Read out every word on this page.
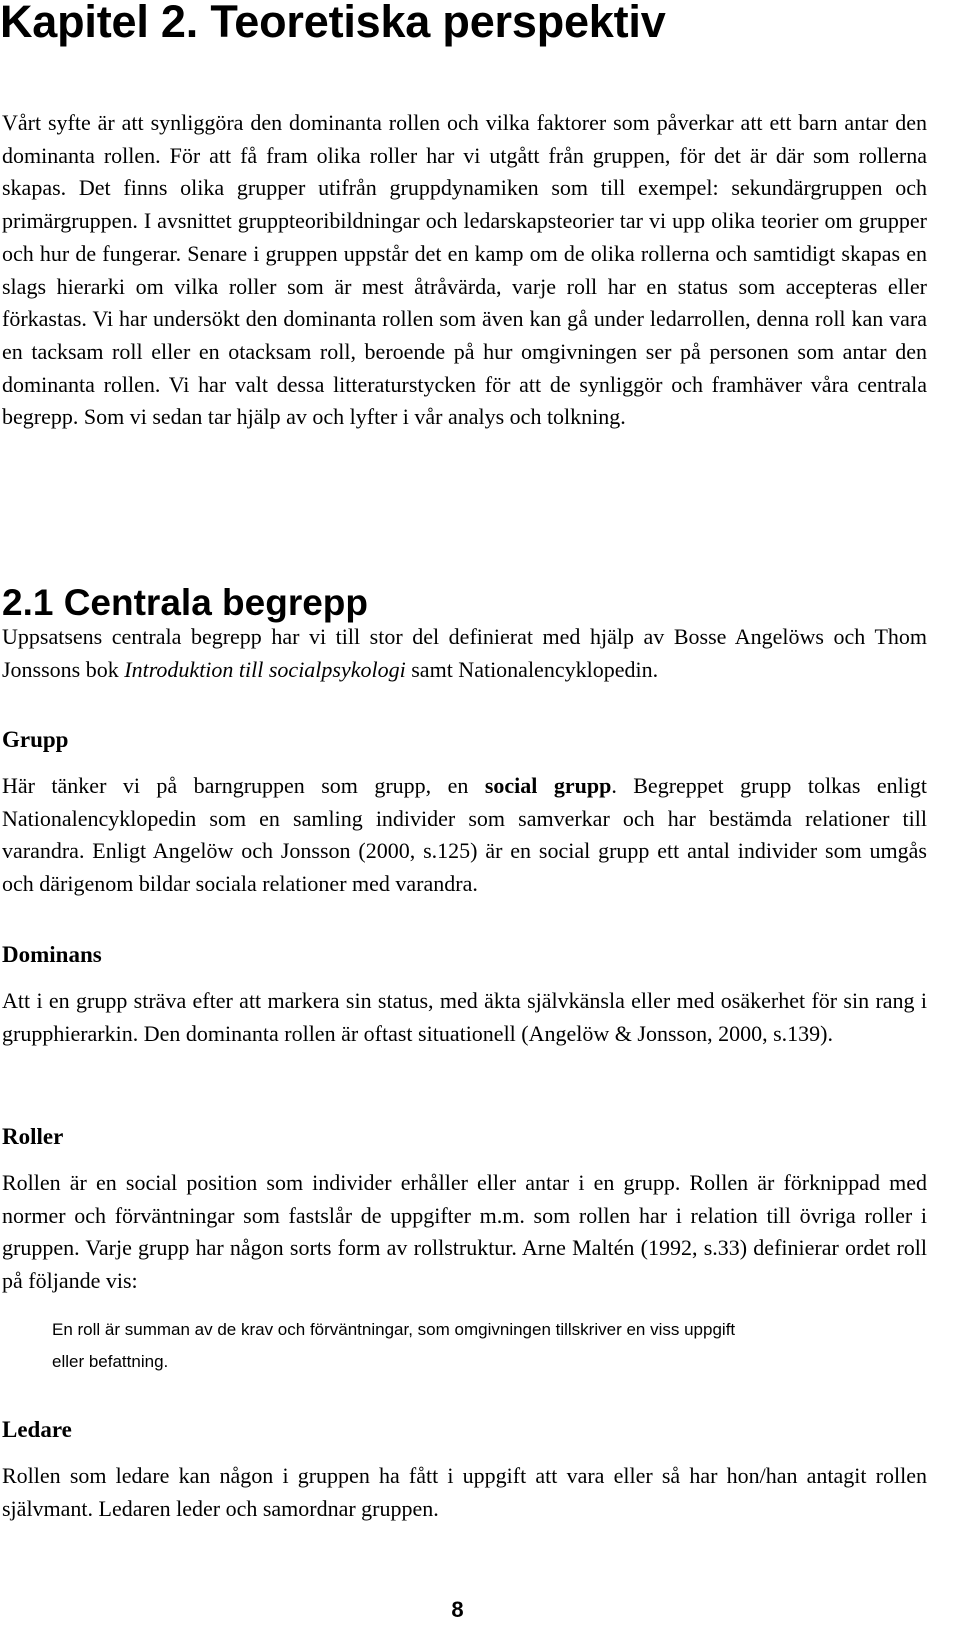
Kapitel 2. Teoretiska perspektiv

Vårt syfte är att synliggöra den dominanta rollen och vilka faktorer som påverkar att ett barn antar den dominanta rollen. För att få fram olika roller har vi utgått från gruppen, för det är där som rollerna skapas. Det finns olika grupper utifrån gruppdynamiken som till exempel: sekundärgruppen och primärgruppen. I avsnittet gruppteoribildningar och ledarskapsteorier tar vi upp olika teorier om grupper och hur de fungerar. Senare i gruppen uppstår det en kamp om de olika rollerna och samtidigt skapas en slags hierarki om vilka roller som är mest åtråvärda, varje roll har en status som accepteras eller förkastas. Vi har undersökt den dominanta rollen som även kan gå under ledarrollen, denna roll kan vara en tacksam roll eller en otacksam roll, beroende på hur omgivningen ser på personen som antar den dominanta rollen. Vi har valt dessa litteraturstycken för att de synliggör och framhäver våra centrala begrepp. Som vi sedan tar hjälp av och lyfter i vår analys och tolkning.

2.1 Centrala begrepp

Uppsatsens centrala begrepp har vi till stor del definierat med hjälp av Bosse Angelöws och Thom Jonssons bok Introduktion till socialpsykologi samt Nationalencyklopedin.

Grupp

Här tänker vi på barngruppen som grupp, en social grupp. Begreppet grupp tolkas enligt Nationalencyklopedin som en samling individer som samverkar och har bestämda relationer till varandra. Enligt Angelöw och Jonsson (2000, s.125) är en social grupp ett antal individer som umgås och därigenom bildar sociala relationer med varandra.

Dominans

Att i en grupp sträva efter att markera sin status, med äkta självkänsla eller med osäkerhet för sin rang i grupphierarkin. Den dominanta rollen är oftast situationell (Angelöw & Jonsson, 2000, s.139).

Roller

Rollen är en social position som individer erhåller eller antar i en grupp. Rollen är förknippad med normer och förväntningar som fastslår de uppgifter m.m. som rollen har i relation till övriga roller i gruppen. Varje grupp har någon sorts form av rollstruktur. Arne Maltén (1992, s.33) definierar ordet roll på följande vis:

En roll är summan av de krav och förväntningar, som omgivningen tillskriver en viss uppgift
eller befattning.
Ledare

Rollen som ledare kan någon i gruppen ha fått i uppgift att vara eller så har hon/han antagit rollen självmant. Ledaren leder och samordnar gruppen.

8
